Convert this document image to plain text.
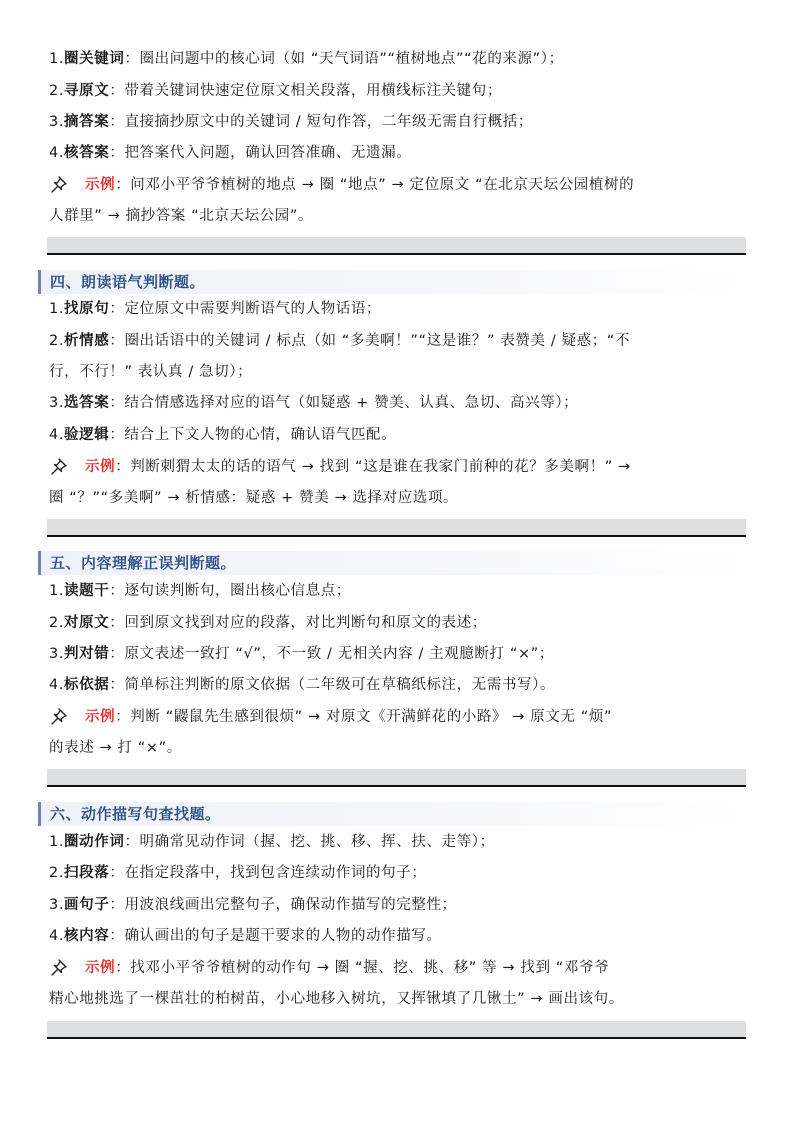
1.圈关键词：圈出问题中的核心词（如 “天气词语”“植树地点”“花的来源”）；
2.寻原文：带着关键词快速定位原文相关段落，用横线标注关键句；
3.摘答案：直接摘抄原文中的关键词 / 短句作答，二年级无需自行概括；
4.核答案：把答案代入问题，确认回答准确、无遗漏。
示例：问邓小平爷爷植树的地点 → 圈 “地点” → 定位原文 “在北京天坛公园植树的
人群里” → 摘抄答案 “北京天坛公园”。
四、朗读语气判断题。
1.找原句：定位原文中需要判断语气的人物话语；
2.析情感：圈出话语中的关键词 / 标点（如 “多美啊！”“这是谁？” 表赞美 / 疑惑；“不
行，不行！” 表认真 / 急切）；
3.选答案：结合情感选择对应的语气（如疑惑 + 赞美、认真、急切、高兴等）；
4.验逻辑：结合上下文人物的心情，确认语气匹配。
示例：判断刺猬太太的话的语气 → 找到 “这是谁在我家门前种的花？多美啊！” →
圈 “？”“多美啊” → 析情感：疑惑 + 赞美 → 选择对应选项。
五、内容理解正误判断题。
1.读题干：逐句读判断句，圈出核心信息点；
2.对原文：回到原文找到对应的段落，对比判断句和原文的表述；
3.判对错：原文表述一致打 “√”，不一致 / 无相关内容 / 主观臆断打 “×”；
4.标依据：简单标注判断的原文依据（二年级可在草稿纸标注，无需书写）。
示例：判断 “鼹鼠先生感到很烦” → 对原文《开满鲜花的小路》 → 原文无 “烦”
的表述 → 打 “×”。
六、动作描写句查找题。
1.圈动作词：明确常见动作词（握、挖、挑、移、挥、扶、走等）；
2.扫段落：在指定段落中，找到包含连续动作词的句子；
3.画句子：用波浪线画出完整句子，确保动作描写的完整性；
4.核内容：确认画出的句子是题干要求的人物的动作描写。
示例：找邓小平爷爷植树的动作句 → 圈 “握、挖、挑、移” 等 → 找到 “邓爷爷
精心地挑选了一棵茁壮的柏树苗，小心地移入树坑，又挥锹填了几锹土” → 画出该句。
